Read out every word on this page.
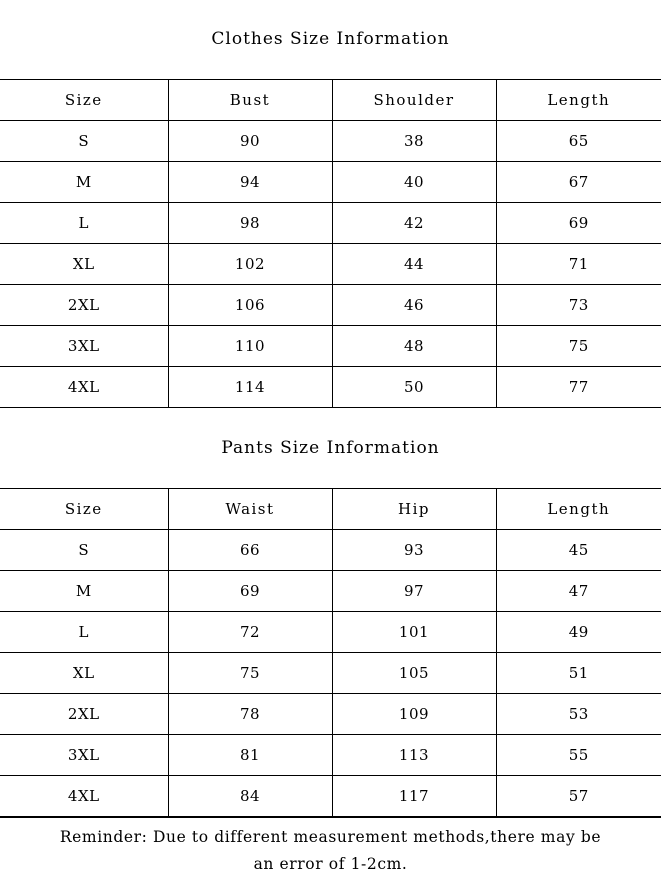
Clothes Size Information
Size	Bust	Shoulder	Length
S	90	38	65
M	94	40	67
L	98	42	69
XL	102	44	71
2XL	106	46	73
3XL	110	48	75
4XL	114	50	77
Pants Size Information
Size	Waist	Hip	Length
S	66	93	45
M	69	97	47
L	72	101	49
XL	75	105	51
2XL	78	109	53
3XL	81	113	55
4XL	84	117	57
Reminder: Due to different measurement methods,there may be
an error of 1-2cm.
